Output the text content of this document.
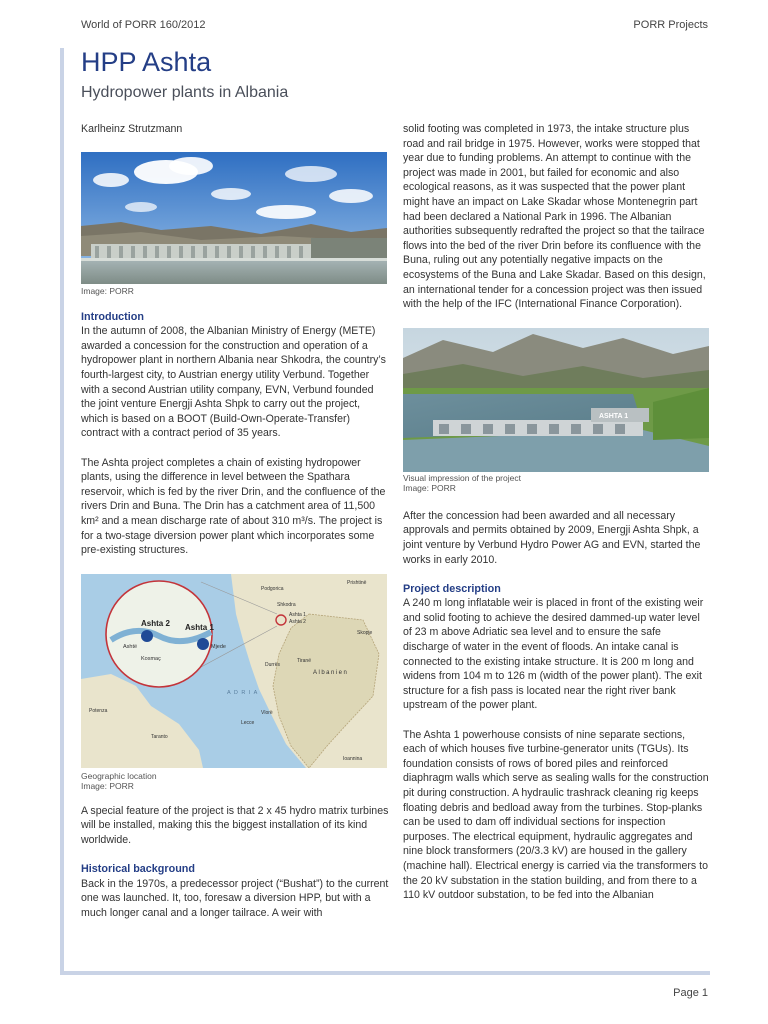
World of PORR 160/2012	PORR Projects
Page 1
HPP Ashta
Hydropower plants in Albania

Karlheinz Strutzmann

Image: PORR

Introduction

In the autumn of 2008, the Albanian Ministry of Energy (METE) awarded a concession for the construction and operation of a hydropower plant in northern Albania near Shkodra, the country’s fourth-largest city, to Austrian energy utility Verbund. Together with a second Austrian utility company, EVN, Verbund founded the joint venture Energji Ashta Shpk to carry out the project, which is based on a BOOT (Build-Own-Operate-Transfer) contract with a contract period of 35 years.

The Ashta project completes a chain of existing hydropower plants, using the difference in level between the Spathara reservoir, which is fed by the river Drin, and the confluence of the rivers Drin and Buna. The Drin has a catchment area of 11,500 km² and a mean discharge rate of about 310 m³/s. The project is for a two-stage diversion power plant which incorporates some pre-existing structures.

Ashta 2 Ashta 1
Ashtë
Kosmaç
Mjede
Ashta 1
Ashta 2
Shkodra
Albanien
Tiranë
Durrës
Vlorë
A D R I A
Potenza
Taranto
Lecce
Podgorica
Prishtinë
Skopje
Ioannina
Geographic location
Image: PORR

A special feature of the project is that 2 x 45 hydro matrix turbines will be installed, making this the biggest installation of its kind worldwide.

Historical background

Back in the 1970s, a predecessor project (“Bushat”) to the current one was launched. It, too, foresaw a diversion HPP, but with a much longer canal and a longer tailrace. A weir with

solid footing was completed in 1973, the intake structure plus road and rail bridge in 1975. However, works were stopped that year due to funding problems. An attempt to continue with the project was made in 2001, but failed for economic and also ecological reasons, as it was suspected that the power plant might have an impact on Lake Skadar whose Montenegrin part had been declared a National Park in 1996. The Albanian authorities subsequently redrafted the project so that the tailrace flows into the bed of the river Drin before its confluence with the Buna, ruling out any potentially negative impacts on the ecosystems of the Buna and Lake Skadar. Based on this design, an international tender for a concession project was then issued with the help of the IFC (International Finance Corporation).

ASHTA 1
Visual impression of the project
Image: PORR

After the concession had been awarded and all necessary approvals and permits obtained by 2009, Energji Ashta Shpk, a joint venture by Verbund Hydro Power AG and EVN, started the works in early 2010.

Project description

A 240 m long inflatable weir is placed in front of the existing weir and solid footing to achieve the desired dammed-up water level of 23 m above Adriatic sea level and to ensure the safe discharge of water in the event of floods. An intake canal is connected to the existing intake structure. It is 200 m long and widens from 104 m to 126 m (width of the power plant). The exit structure for a fish pass is located near the right river bank upstream of the power plant.

The Ashta 1 powerhouse consists of nine separate sections, each of which houses five turbine-generator units (TGUs). Its foundation consists of rows of bored piles and reinforced diaphragm walls which serve as sealing walls for the construction pit during construction. A hydraulic trashrack cleaning rig keeps floating debris and bedload away from the turbines. Stop-planks can be used to dam off individual sections for inspection purposes. The electrical equipment, hydraulic aggregates and nine block transformers (20/3.3 kV) are housed in the gallery (machine hall). Electrical energy is carried via the transformers to the 20 kV substation in the station building, and from there to a 110 kV outdoor substation, to be fed into the Albanian
